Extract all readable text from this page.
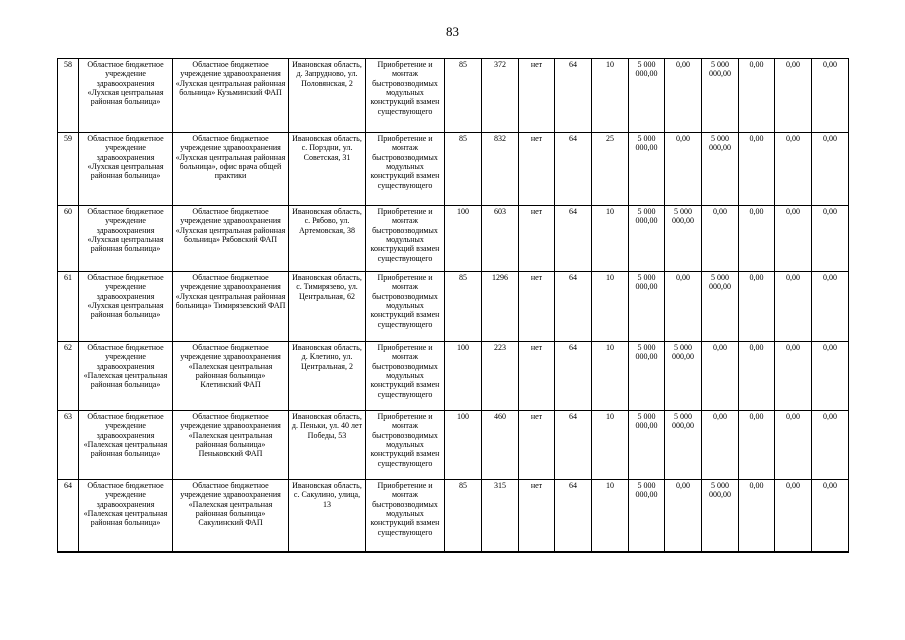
83
58	Областное бюджетное учреждение здравоохранения «Лухская центральная районная больница»	Областное бюджетное учреждение здравоохранения «Лухская центральная районная больница» Кузьминский ФАП	Ивановская область, д. Запрудново, ул. Половянская, 2	Приобретение и монтаж быстровозводимых модульных конструкций взамен существующего	85	372	нет	64	10	5 000 000,00	0,00	5 000 000,00	0,00	0,00	0,00
59	Областное бюджетное учреждение здравоохранения «Лухская центральная районная больница»	Областное бюджетное учреждение здравоохранения «Лухская центральная районная больница», офис врача общей практики	Ивановская область, с. Порздни, ул. Советская, 31	Приобретение и монтаж быстровозводимых модульных конструкций взамен существующего	85	832	нет	64	25	5 000 000,00	0,00	5 000 000,00	0,00	0,00	0,00
60	Областное бюджетное учреждение здравоохранения «Лухская центральная районная больница»	Областное бюджетное учреждение здравоохранения «Лухская центральная районная больница» Рябовский ФАП	Ивановская область, с. Рябово, ул. Артемовская, 38	Приобретение и монтаж быстровозводимых модульных конструкций взамен существующего	100	603	нет	64	10	5 000 000,00	5 000 000,00	0,00	0,00	0,00	0,00
61	Областное бюджетное учреждение здравоохранения «Лухская центральная районная больница»	Областное бюджетное учреждение здравоохранения «Лухская центральная районная больница» Тимирязевский ФАП	Ивановская область, с. Тимирязево, ул. Центральная, 62	Приобретение и монтаж быстровозводимых модульных конструкций взамен существующего	85	1296	нет	64	10	5 000 000,00	0,00	5 000 000,00	0,00	0,00	0,00
62	Областное бюджетное учреждение здравоохранения «Палехская центральная районная больница»	Областное бюджетное учреждение здравоохранения «Палехская центральная районная больница» Клетинский ФАП	Ивановская область, д. Клетино, ул. Центральная, 2	Приобретение и монтаж быстровозводимых модульных конструкций взамен существующего	100	223	нет	64	10	5 000 000,00	5 000 000,00	0,00	0,00	0,00	0,00
63	Областное бюджетное учреждение здравоохранения «Палехская центральная районная больница»	Областное бюджетное учреждение здравоохранения «Палехская центральная районная больница» Пеньковский ФАП	Ивановская область, д. Пеньки, ул. 40 лет Победы, 53	Приобретение и монтаж быстровозводимых модульных конструкций взамен существующего	100	460	нет	64	10	5 000 000,00	5 000 000,00	0,00	0,00	0,00	0,00
64	Областное бюджетное учреждение здравоохранения «Палехская центральная районная больница»	Областное бюджетное учреждение здравоохранения «Палехская центральная районная больница» Сакулинский ФАП	Ивановская область, с. Сакулино, улица, 13	Приобретение и монтаж быстровозводимых модульных конструкций взамен существующего	85	315	нет	64	10	5 000 000,00	0,00	5 000 000,00	0,00	0,00	0,00
